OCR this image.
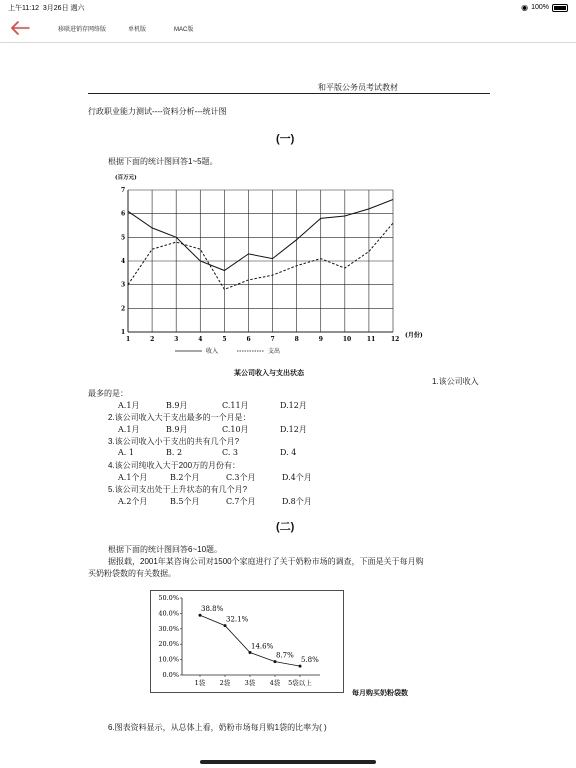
上午11:12 3月26日 週六	◉ 100%
移联进销存网络版	单机版	MAC版
和平版公务员考试教材
行政职业能力测试----资料分析---统计图
(一)
根据下面的统计图回答1~5题。
(百万元)
1
2
3
4
5
6
7
1	2	3	4	5	6	7	8	9	10	11	12
(月份)
收入	支出
某公司收入与支出状态
1.该公司收入
最多的是：
A.1月	B.9月	C.11月	D.12月
2.该公司收入大于支出最多的一个月是：
A.1月	B.9月	C.10月	D.12月
3.该公司收入小于支出的共有几个月?
A. 1	B. 2	C. 3	D. 4
4.该公司纯收入大于200万的月份有：
A.1个月	B.2个月	C.3个月	D.4个月
5.该公司支出处于上升状态的有几个月?
A.2个月	B.5个月	C.7个月	D.8个月
(二)
根据下面的统计图回答6~10题。
据报载，2001年某咨询公司对1500个家庭进行了关于奶粉市场的调查，下面是关于每月购
买奶粉袋数的有关数据。
0.0%
10.0%
20.0%
30.0%
40.0%
50.0%
1袋 2袋 3袋 4袋 5袋以上
38.8%
32.1%
14.6%
8.7%
5.8%
每月购买奶粉袋数
6.图表资料显示，从总体上看，奶粉市场每月购1袋的比率为( )
